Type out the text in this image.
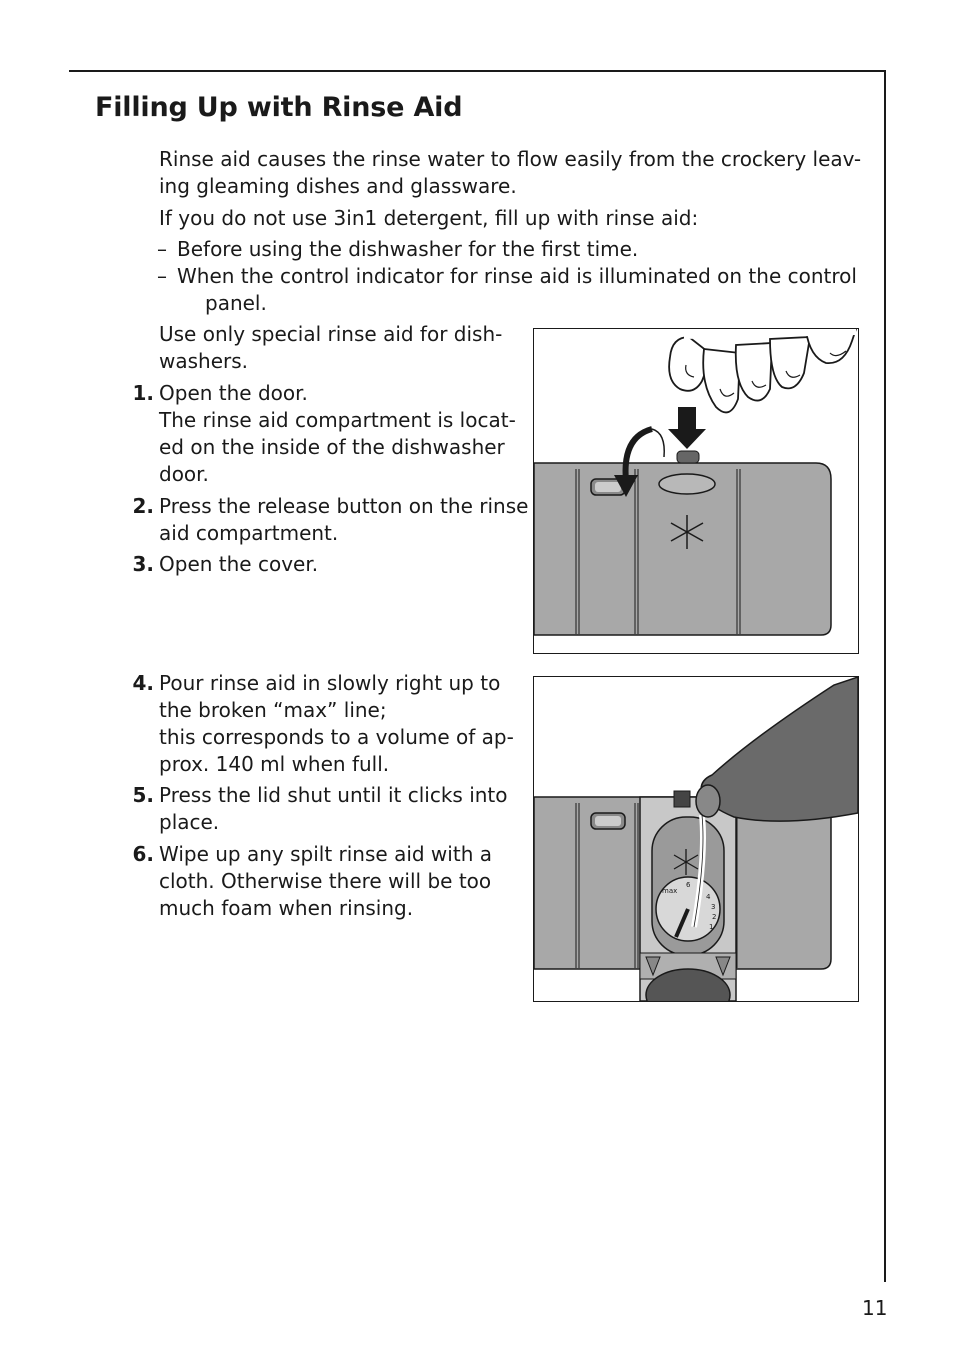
Filling Up with Rinse Aid

Rinse aid causes the rinse water to flow easily from the crockery leav-

ing gleaming dishes and glassware.

If you do not use 3in1 detergent, fill up with rinse aid:

– Before using the dishwasher for the first time.

– When the control indicator for rinse aid is illuminated on the control

panel.

Use only special rinse aid for dish-

washers.

1. Open the door.

The rinse aid compartment is locat-

ed on the inside of the dishwasher

door.

2. Press the release button on the rinse

aid compartment.

3. Open the cover.

4. Pour rinse aid in slowly right up to

the broken “max” line;

this corresponds to a volume of ap-

prox. 140 ml when full.

5. Press the lid shut until it clicks into

place.

6. Wipe up any spilt rinse aid with a

cloth. Otherwise there will be too

much foam when rinsing.

6 5
4
3
2
1
max
11
